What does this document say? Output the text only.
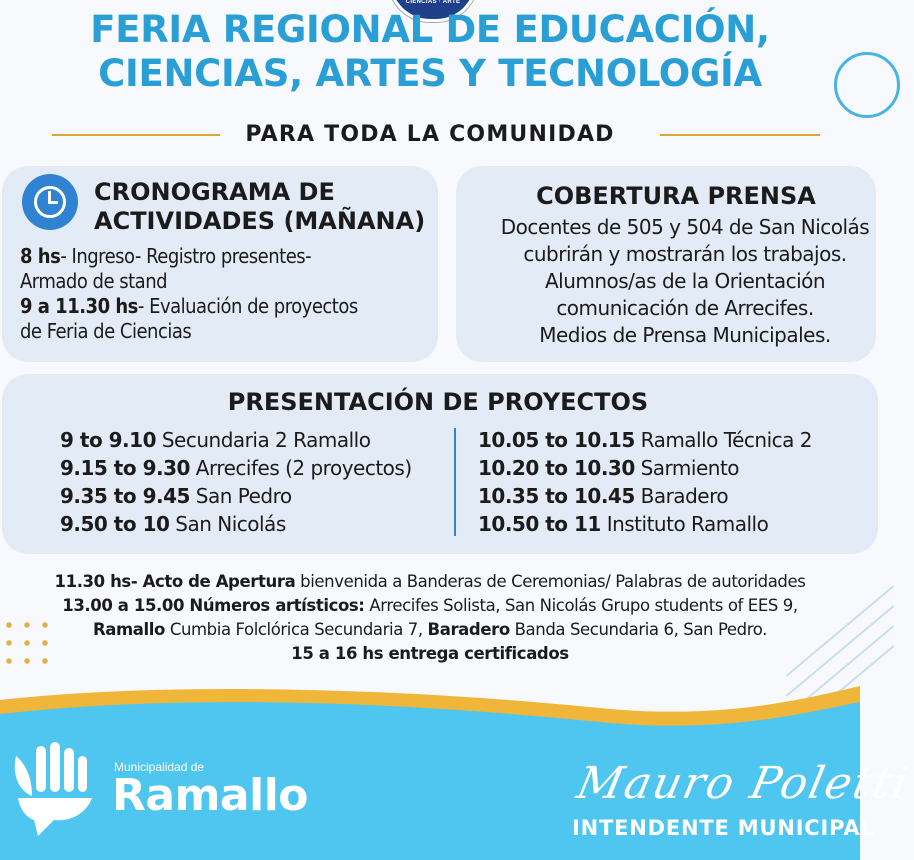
CIENCIAS · ARTE
FERIA REGIONAL DE EDUCACIÓN,
CIENCIAS, ARTES Y TECNOLOGÍA
PARA TODA LA COMUNIDAD
CRONOGRAMA DE
ACTIVIDADES (MAÑANA)
8 hs- Ingreso- Registro presentes-
Armado de stand
9 a 11.30 hs- Evaluación de proyectos
de Feria de Ciencias
COBERTURA PRENSA
Docentes de 505 y 504 de San Nicolás
cubrirán y mostrarán los trabajos.
Alumnos/as de la Orientación
comunicación de Arrecifes.
Medios de Prensa Municipales.
PRESENTACIÓN DE PROYECTOS
9 to 9.10 Secundaria 2 Ramallo
9.15 to 9.30 Arrecifes (2 proyectos)
9.35 to 9.45 San Pedro
9.50 to 10 San Nicolás
10.05 to 10.15 Ramallo Técnica 2
10.20 to 10.30 Sarmiento
10.35 to 10.45 Baradero
10.50 to 11 Instituto Ramallo
11.30 hs- Acto de Apertura bienvenida a Banderas de Ceremonias/ Palabras de autoridades
13.00 a 15.00 Números artísticos: Arrecifes Solista, San Nicolás Grupo students of EES 9,
Ramallo Cumbia Folclórica Secundaria 7, Baradero Banda Secundaria 6, San Pedro.
15 a 16 hs entrega certificados
Municipalidad de
Ramallo	Mauro Poletti
INTENDENTE MUNICIPAL
